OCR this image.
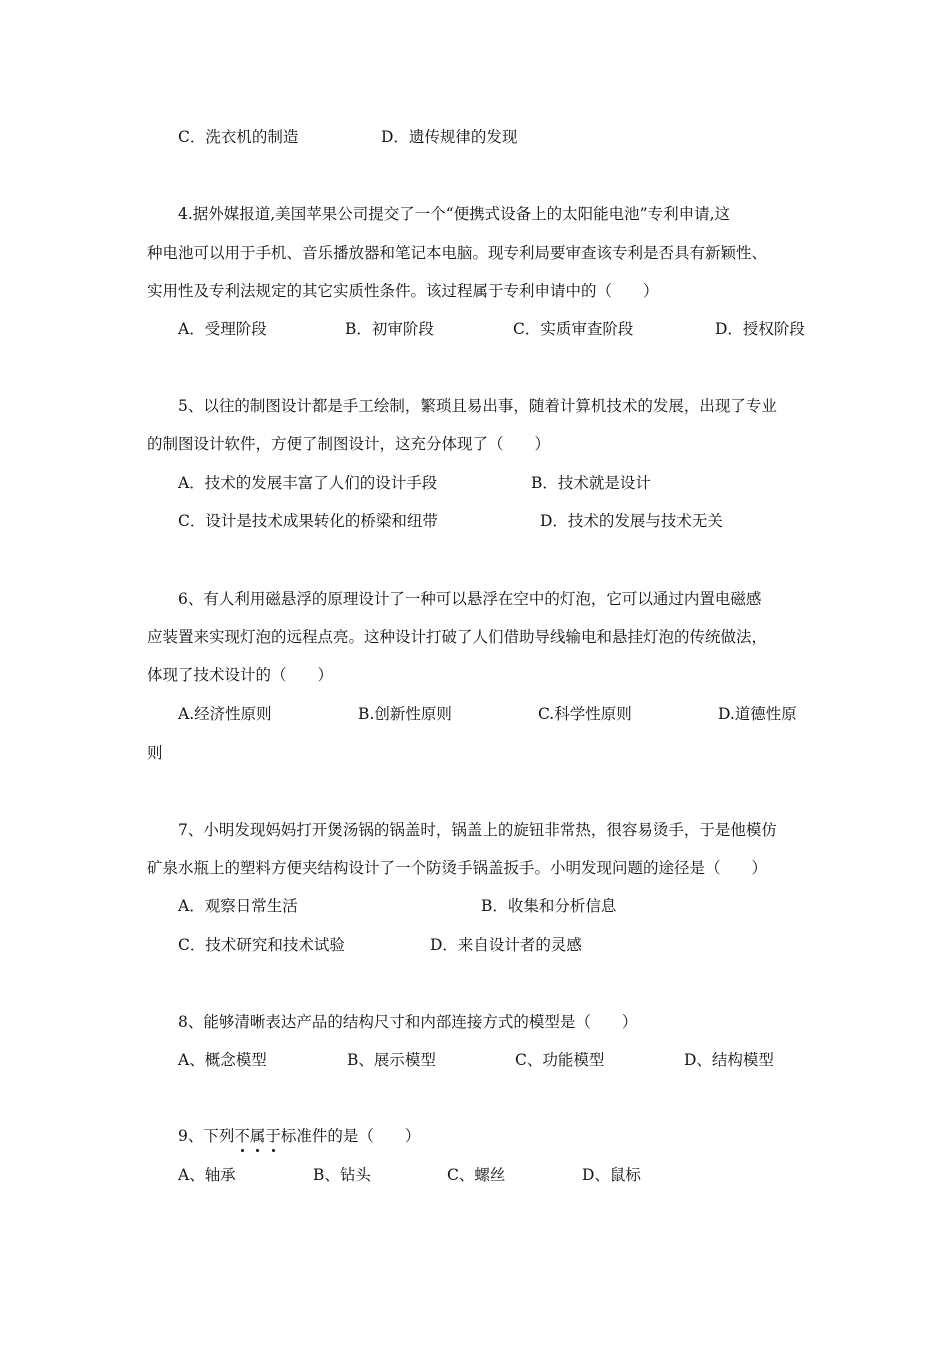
C．洗衣机的制造	D．遗传规律的发现
4.据外媒报道,美国苹果公司提交了一个“便携式设备上的太阳能电池”专利申请,这
种电池可以用于手机、音乐播放器和笔记本电脑。现专利局要审查该专利是否具有新颖性、
实用性及专利法规定的其它实质性条件。该过程属于专利申请中的（　　）
A．受理阶段	B．初审阶段	C．实质审查阶段	D．授权阶段
5、以往的制图设计都是手工绘制，繁琐且易出事，随着计算机技术的发展，出现了专业
的制图设计软件，方便了制图设计，这充分体现了（　　）
A．技术的发展丰富了人们的设计手段	B．技术就是设计
C．设计是技术成果转化的桥梁和纽带	D．技术的发展与技术无关
6、有人利用磁悬浮的原理设计了一种可以悬浮在空中的灯泡，它可以通过内置电磁感
应装置来实现灯泡的远程点亮。这种设计打破了人们借助导线输电和悬挂灯泡的传统做法，
体现了技术设计的（　　）
A.经济性原则	B.创新性原则	C.科学性原则	D.道德性原
则
7、小明发现妈妈打开煲汤锅的锅盖时，锅盖上的旋钮非常热，很容易烫手，于是他模仿
矿泉水瓶上的塑料方便夹结构设计了一个防烫手锅盖扳手。小明发现问题的途径是（　　）
A．观察日常生活	B．收集和分析信息
C．技术研究和技术试验	D．来自设计者的灵感
8、能够清晰表达产品的结构尺寸和内部连接方式的模型是（　　）
A、概念模型	B、展示模型	C、功能模型	D、结构模型
9、下列不
属
于
标准件的是（　　）
A、轴承	B、钻头	C、螺丝	D、鼠标
